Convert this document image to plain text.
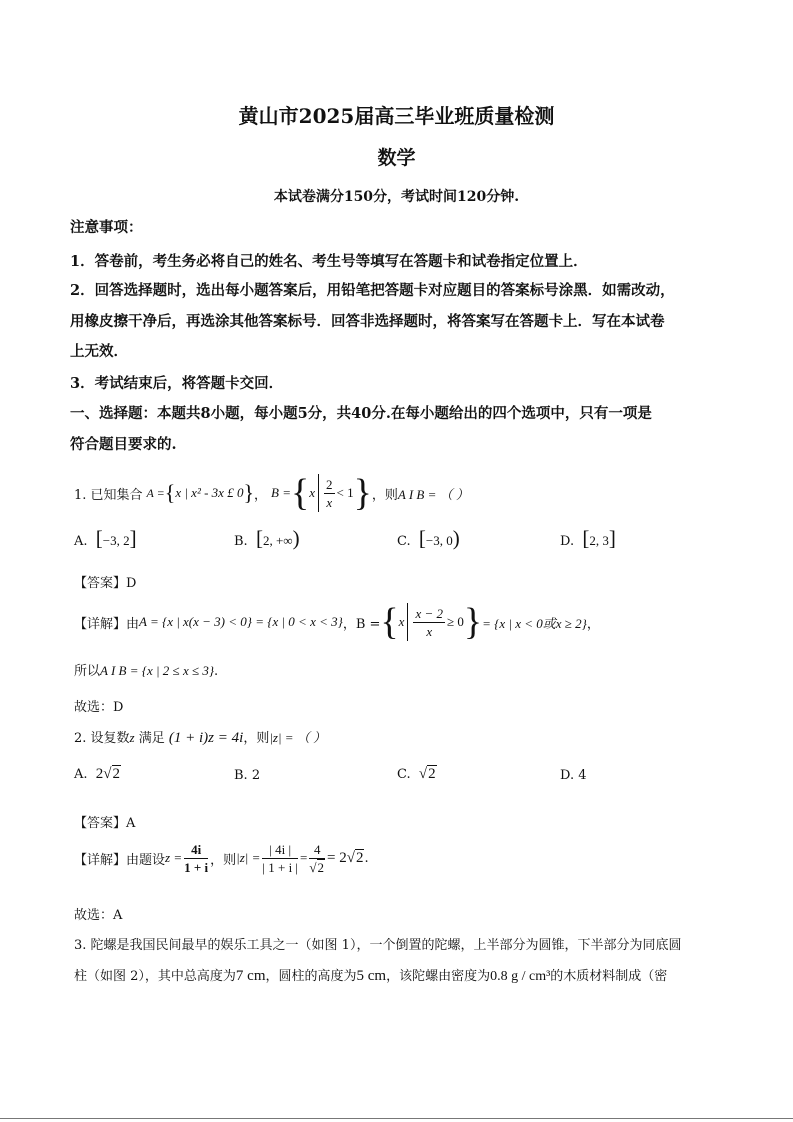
黄山市2025届高三毕业班质量检测
数学
本试卷满分150分，考试时间120分钟.
注意事项：
1．答卷前，考生务必将自己的姓名、考生号等填写在答题卡和试卷指定位置上．
2．回答选择题时，选出每小题答案后，用铅笔把答题卡对应题目的答案标号涂黑．如需改动，
用橡皮擦干净后，再选涂其他答案标号．回答非选择题时，将答案写在答题卡上．写在本试卷
上无效．
3．考试结束后，将答题卡交回．
一、选择题：本题共8小题，每小题5分，共40分.在每小题给出的四个选项中，只有一项是
符合题目要求的.
1. 已知集合 A = { x | x² - 3x £ 0 } ， B = { x $\frac{2}{x} < 1$ } ，则 A I B = （ ）
A. [−3, 2]	B. [2, +∞)	C. [−3, 0)	D. [2, 3]
【答案】D
【详解】由 A = {x | x(x − 3) < 0} = {x | 0 < x < 3} ，B = { x $\frac{x - 2}{x} \ge 0$ } = {x | x < 0或x ≥ 2} ，
所以A I B = {x | 2 ≤ x ≤ 3}.
故选：D
2. 设复数z 满足 (1 + i)z = 4i，则|z| = （ ）
A. 2√2	B. 2	C. √2	D. 4
【答案】A
【详解】由题设 $z = \frac{4i}{1 + i}$ ，则 $|z| = \frac{| 4i |}{| 1 + i |} = \frac{4}{√2} = 2$ √ 2 .
故选：A
3. 陀螺是我国民间最早的娱乐工具之一（如图 1），一个倒置的陀螺，上半部分为圆锥，下半部分为同底圆
柱（如图 2），其中总高度为7 cm，圆柱的高度为5 cm，该陀螺由密度为0.8 g / cm³的木质材料制成（密
